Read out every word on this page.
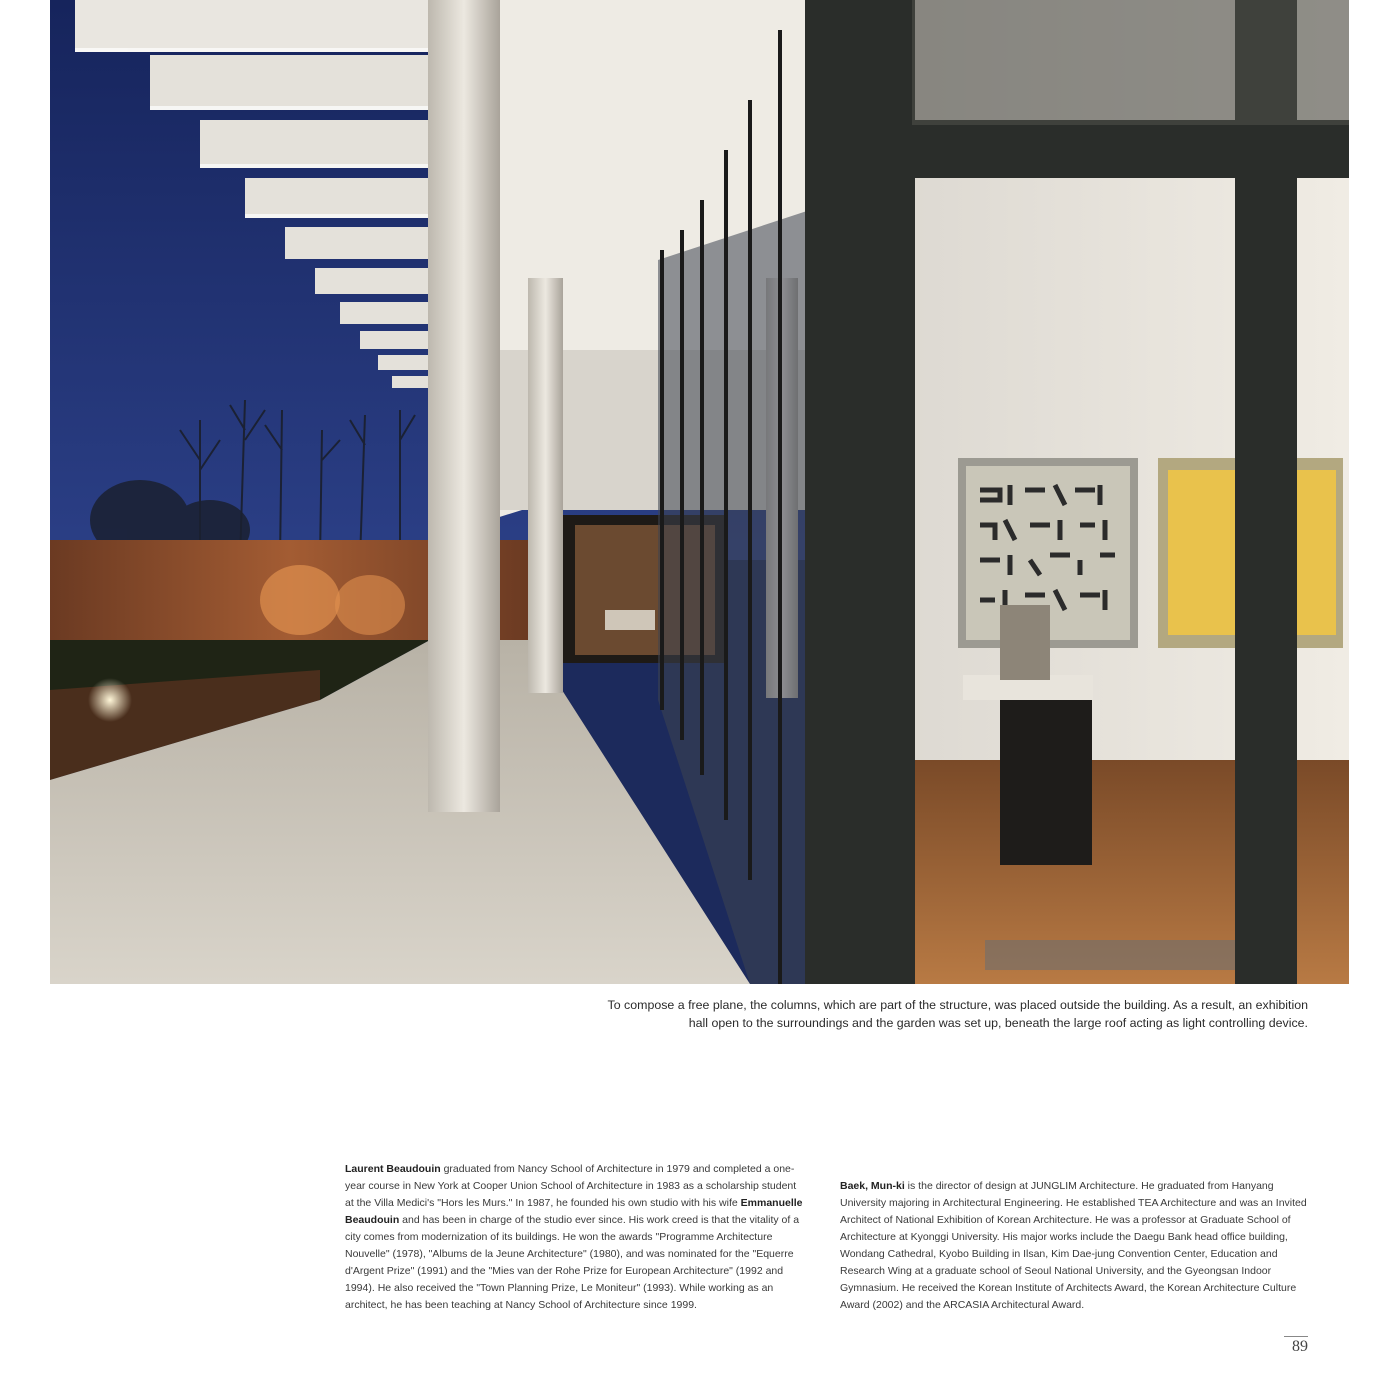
To compose a free plane, the columns, which are part of the structure, was placed outside the building. As a result, an exhibition
hall open to the surroundings and the garden was set up, beneath the large roof acting as light controlling device.
Laurent Beaudouin graduated from Nancy School of Architecture in 1979 and completed a one-year course in New York at Cooper Union School of Architecture in 1983 as a scholarship student at the Villa Medici's "Hors les Murs." In 1987, he founded his own studio with his wife Emmanuelle Beaudouin and has been in charge of the studio ever since. His work creed is that the vitality of a city comes from modernization of its buildings. He won the awards "Programme Architecture Nouvelle" (1978), "Albums de la Jeune Architecture" (1980), and was nominated for the "Equerre d'Argent Prize" (1991) and the "Mies van der Rohe Prize for European Architecture" (1992 and 1994). He also received the "Town Planning Prize, Le Moniteur" (1993). While working as an architect, he has been teaching at Nancy School of Architecture since 1999.
Baek, Mun-ki is the director of design at JUNGLIM Architecture. He graduated from Hanyang University majoring in Architectural Engineering. He established TEA Architecture and was an Invited Architect of National Exhibition of Korean Architecture. He was a professor at Graduate School of Architecture at Kyonggi University. His major works include the Daegu Bank head office building, Wondang Cathedral, Kyobo Building in Ilsan, Kim Dae-jung Convention Center, Education and Research Wing at a graduate school of Seoul National University, and the Gyeongsan Indoor Gymnasium. He received the Korean Institute of Architects Award, the Korean Architecture Culture Award (2002) and the ARCASIA Architectural Award.
89
